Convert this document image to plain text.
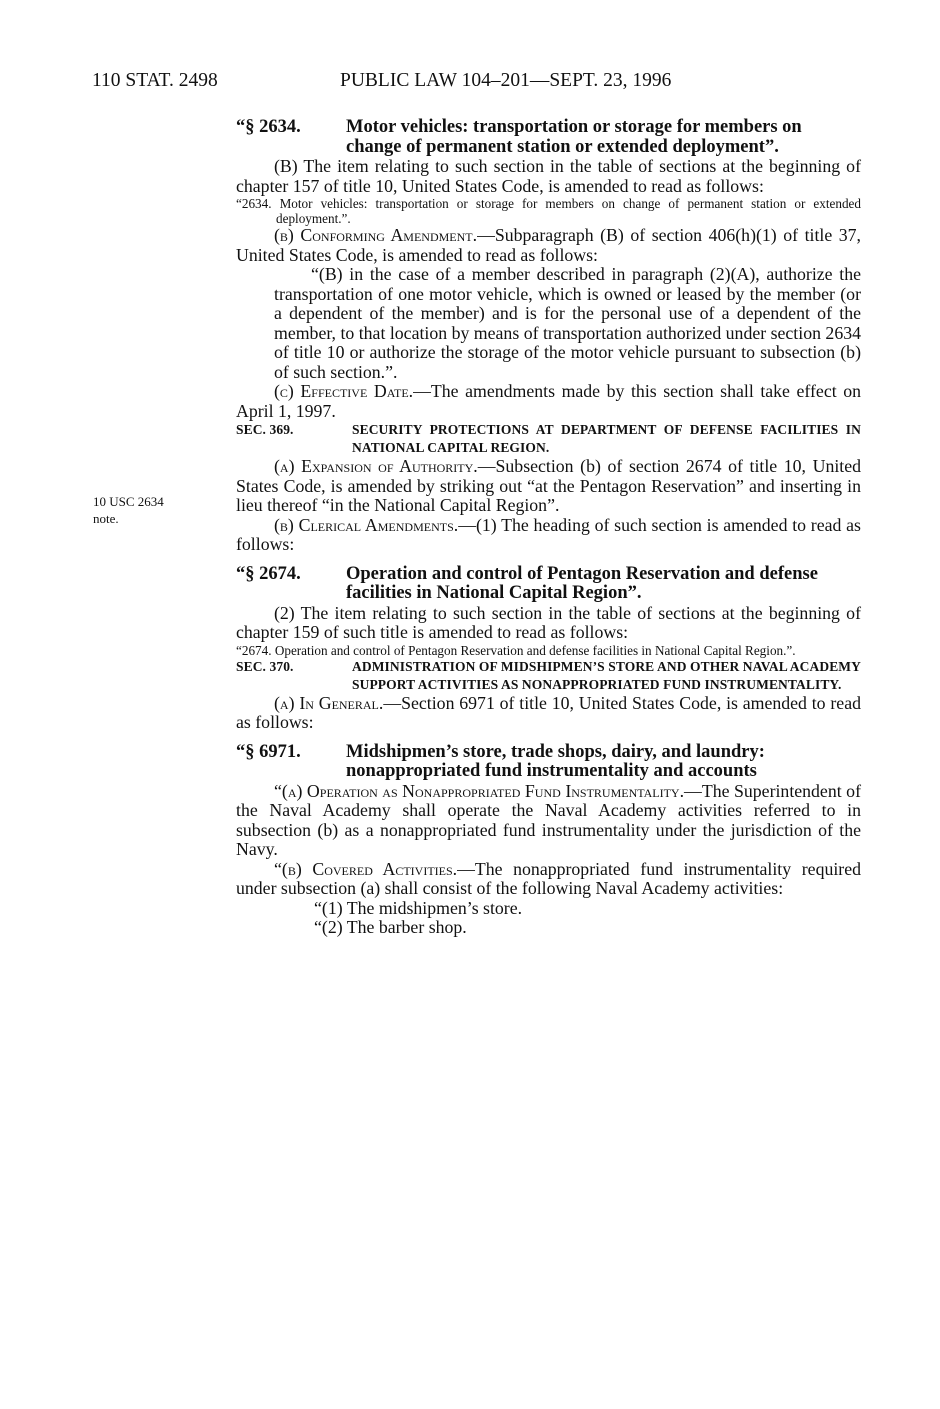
110 STAT. 2498	PUBLIC LAW 104–201—SEPT. 23, 1996
10 USC 2634
note.

“§ 2634. Motor vehicles: transportation or storage for members on change of permanent station or extended deployment”.

(B) The item relating to such section in the table of sections at the beginning of chapter 157 of title 10, United States Code, is amended to read as follows:

“2634. Motor vehicles: transportation or storage for members on change of permanent station or extended deployment.”.

(b) Conforming Amendment.—Subparagraph (B) of section 406(h)(1) of title 37, United States Code, is amended to read as follows:

“(B) in the case of a member described in paragraph (2)(A), authorize the transportation of one motor vehicle, which is owned or leased by the member (or a dependent of the member) and is for the personal use of a dependent of the member, to that location by means of transportation authorized under section 2634 of title 10 or authorize the storage of the motor vehicle pursuant to subsection (b) of such section.”.

(c) Effective Date.—The amendments made by this section shall take effect on April 1, 1997.

SEC. 369.	SECURITY PROTECTIONS AT DEPARTMENT OF DEFENSE FACILITIES IN NATIONAL CAPITAL REGION.

(a) Expansion of Authority.—Subsection (b) of section 2674 of title 10, United States Code, is amended by striking out “at the Pentagon Reservation” and inserting in lieu thereof “in the National Capital Region”.

(b) Clerical Amendments.—(1) The heading of such section is amended to read as follows:

“§ 2674. Operation and control of Pentagon Reservation and defense facilities in National Capital Region”.

(2) The item relating to such section in the table of sections at the beginning of chapter 159 of such title is amended to read as follows:

“2674. Operation and control of Pentagon Reservation and defense facilities in National Capital Region.”.

SEC. 370.	ADMINISTRATION OF MIDSHIPMEN’S STORE AND OTHER NAVAL ACADEMY SUPPORT ACTIVITIES AS NONAPPROPRIATED FUND INSTRUMENTALITY.

(a) In General.—Section 6971 of title 10, United States Code, is amended to read as follows:

“§ 6971. Midshipmen’s store, trade shops, dairy, and laundry: nonappropriated fund instrumentality and accounts

“(a) Operation as Nonappropriated Fund Instrumentality.—The Superintendent of the Naval Academy shall operate the Naval Academy activities referred to in subsection (b) as a nonappropriated fund instrumentality under the jurisdiction of the Navy.

“(b) Covered Activities.—The nonappropriated fund instrumentality required under subsection (a) shall consist of the following Naval Academy activities:

“(1) The midshipmen’s store.

“(2) The barber shop.
